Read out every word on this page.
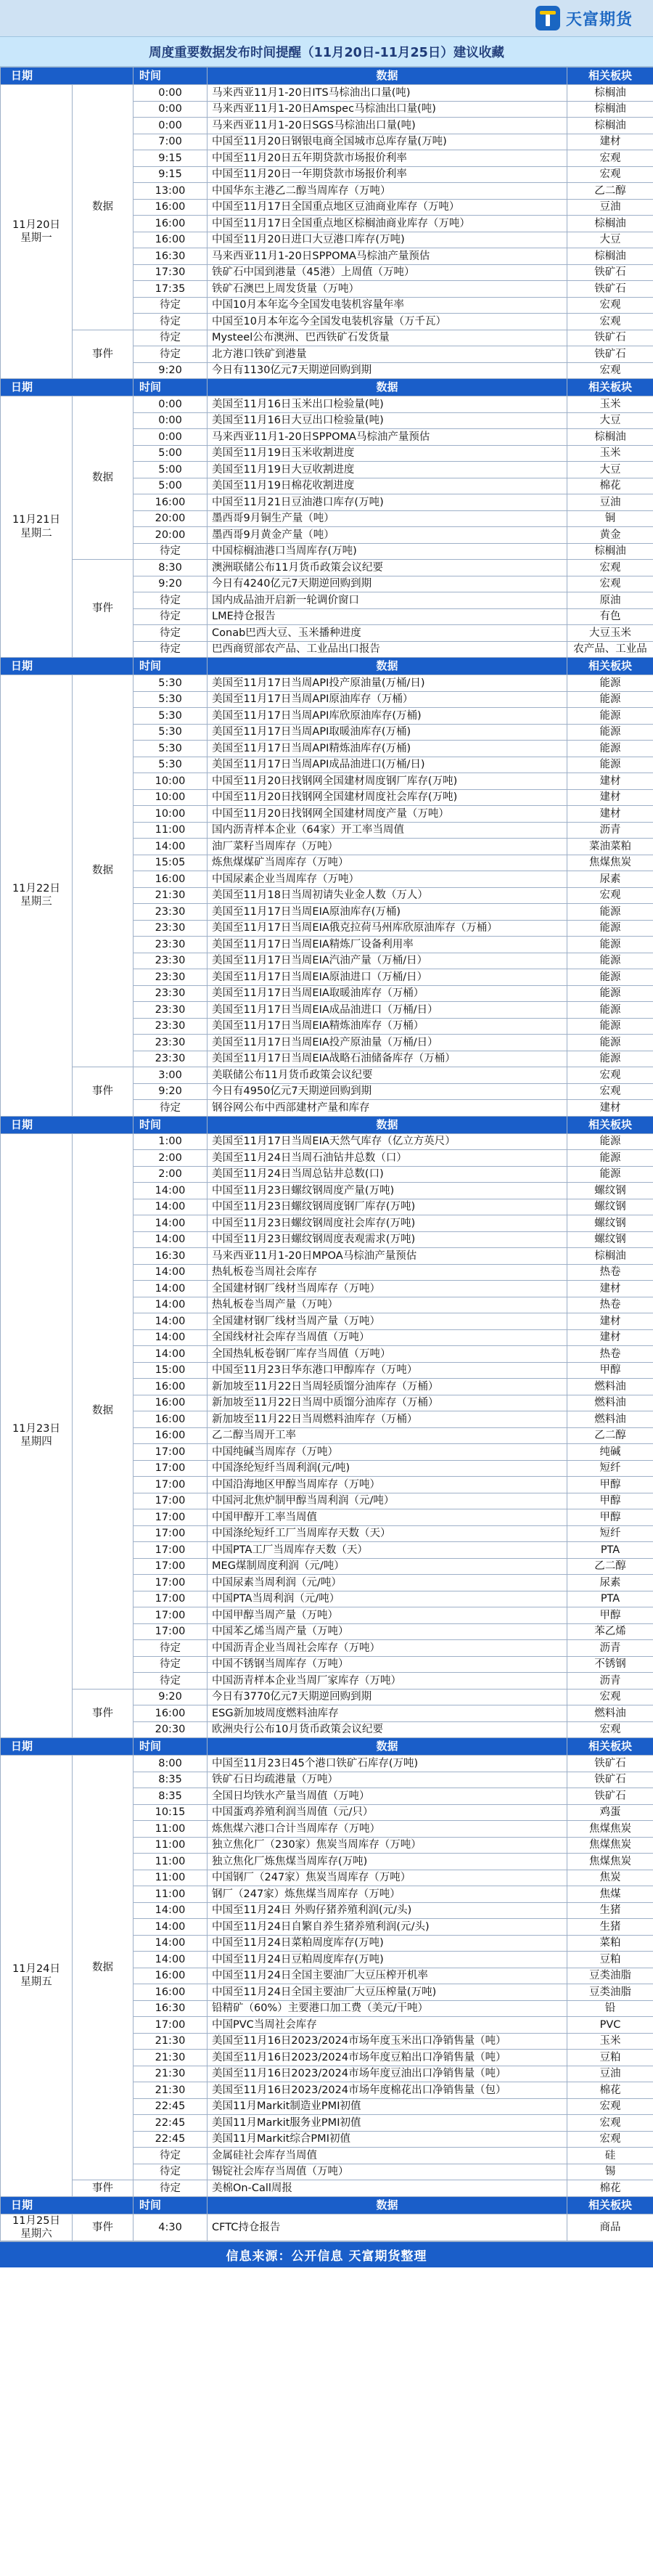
天富期货
周度重要数据发布时间提醒（11月20日-11月25日）建议收藏
日期		时间	数据	相关板块

11月20日
星期一	数据	0:00	马来西亚11月1-20日ITS马棕油出口量(吨)	棕榈油
		0:00	马来西亚11月1-20日Amspec马棕油出口量(吨)	棕榈油
		0:00	马来西亚11月1-20日SGS马棕油出口量(吨)	棕榈油
		7:00	中国至11月20日钢银电商全国城市总库存量(万吨)	建材
		9:15	中国至11月20日五年期贷款市场报价利率	宏观
		9:15	中国至11月20日一年期贷款市场报价利率	宏观
		13:00	中国华东主港乙二醇当周库存（万吨）	乙二醇
		16:00	中国至11月17日全国重点地区豆油商业库存（万吨）	豆油
		16:00	中国至11月17日全国重点地区棕榈油商业库存（万吨）	棕榈油
		16:00	中国至11月20日进口大豆港口库存(万吨)	大豆
		16:30	马来西亚11月1-20日SPPOMA马棕油产量预估	棕榈油
		17:30	铁矿石中国到港量（45港）上周值（万吨）	铁矿石
		17:35	铁矿石澳巴上周发货量（万吨）	铁矿石
		待定	中国10月本年迄今全国发电装机容量年率	宏观
		待定	中国至10月本年迄今全国发电装机容量（万千瓦）	宏观
	事件	待定	Mysteel公布澳洲、巴西铁矿石发货量	铁矿石
		待定	北方港口铁矿到港量	铁矿石
		9:20	今日有1130亿元7天期逆回购到期	宏观
日期		时间	数据	相关板块

11月21日
星期二	数据	0:00	美国至11月16日玉米出口检验量(吨)	玉米
		0:00	美国至11月16日大豆出口检验量(吨)	大豆
		0:00	马来西亚11月1-20日SPPOMA马棕油产量预估	棕榈油
		5:00	美国至11月19日玉米收割进度	玉米
		5:00	美国至11月19日大豆收割进度	大豆
		5:00	美国至11月19日棉花收割进度	棉花
		16:00	中国至11月21日豆油港口库存(万吨)	豆油
		20:00	墨西哥9月铜生产量（吨）	铜
		20:00	墨西哥9月黄金产量（吨）	黄金
		待定	中国棕榈油港口当周库存(万吨)	棕榈油
	事件	8:30	澳洲联储公布11月货币政策会议纪要	宏观
		9:20	今日有4240亿元7天期逆回购到期	宏观
		待定	国内成品油开启新一轮调价窗口	原油
		待定	LME持仓报告	有色
		待定	Conab巴西大豆、玉米播种进度	大豆玉米
		待定	巴西商贸部农产品、工业品出口报告	农产品、工业品
日期		时间	数据	相关板块

11月22日
星期三	数据	5:30	美国至11月17日当周API投产原油量(万桶/日)	能源
		5:30	美国至11月17日当周API原油库存（万桶）	能源
		5:30	美国至11月17日当周API库欣原油库存(万桶)	能源
		5:30	美国至11月17日当周API取暖油库存(万桶)	能源
		5:30	美国至11月17日当周API精炼油库存(万桶)	能源
		5:30	美国至11月17日当周API成品油进口(万桶/日)	能源
		10:00	中国至11月20日找钢网全国建材周度钢厂库存(万吨)	建材
		10:00	中国至11月20日找钢网全国建材周度社会库存(万吨)	建材
		10:00	中国至11月20日找钢网全国建材周度产量（万吨）	建材
		11:00	国内沥青样本企业（64家）开工率当周值	沥青
		14:00	油厂菜籽当周库存（万吨）	菜油菜粕
		15:05	炼焦煤煤矿当周库存（万吨）	焦煤焦炭
		16:00	中国尿素企业当周库存（万吨）	尿素
		21:30	美国至11月18日当周初请失业金人数（万人）	宏观
		23:30	美国至11月17日当周EIA原油库存(万桶)	能源
		23:30	美国至11月17日当周EIA俄克拉荷马州库欣原油库存（万桶）	能源
		23:30	美国至11月17日当周EIA精炼厂设备利用率	能源
		23:30	美国至11月17日当周EIA汽油产量（万桶/日）	能源
		23:30	美国至11月17日当周EIA原油进口（万桶/日）	能源
		23:30	美国至11月17日当周EIA取暖油库存（万桶）	能源
		23:30	美国至11月17日当周EIA成品油进口（万桶/日）	能源
		23:30	美国至11月17日当周EIA精炼油库存（万桶）	能源
		23:30	美国至11月17日当周EIA投产原油量（万桶/日）	能源
		23:30	美国至11月17日当周EIA战略石油储备库存（万桶）	能源
	事件	3:00	美联储公布11月货币政策会议纪要	宏观
		9:20	今日有4950亿元7天期逆回购到期	宏观
		待定	钢谷网公布中西部建材产量和库存	建材
日期		时间	数据	相关板块

11月23日
星期四	数据	1:00	美国至11月17日当周EIA天然气库存（亿立方英尺）	能源
		2:00	美国至11月24日当周石油钻井总数（口）	能源
		2:00	美国至11月24日当周总钻井总数(口)	能源
		14:00	中国至11月23日螺纹钢周度产量(万吨)	螺纹钢
		14:00	中国至11月23日螺纹钢周度钢厂库存(万吨)	螺纹钢
		14:00	中国至11月23日螺纹钢周度社会库存(万吨)	螺纹钢
		14:00	中国至11月23日螺纹钢周度表观需求(万吨)	螺纹钢
		16:30	马来西亚11月1-20日MPOA马棕油产量预估	棕榈油
		14:00	热轧板卷当周社会库存	热卷
		14:00	全国建材钢厂线材当周库存（万吨）	建材
		14:00	热轧板卷当周产量（万吨）	热卷
		14:00	全国建材钢厂线材当周产量（万吨）	建材
		14:00	全国线材社会库存当周值（万吨）	建材
		14:00	全国热轧板卷钢厂库存当周值（万吨）	热卷
		15:00	中国至11月23日华东港口甲醇库存（万吨）	甲醇
		16:00	新加坡至11月22日当周轻质馏分油库存（万桶）	燃料油
		16:00	新加坡至11月22日当周中质馏分油库存（万桶）	燃料油
		16:00	新加坡至11月22日当周燃料油库存（万桶）	燃料油
		16:00	乙二醇当周开工率	乙二醇
		17:00	中国纯碱当周库存（万吨）	纯碱
		17:00	中国涤纶短纤当周利润(元/吨)	短纤
		17:00	中国沿海地区甲醇当周库存（万吨）	甲醇
		17:00	中国河北焦炉制甲醇当周利润（元/吨）	甲醇
		17:00	中国甲醇开工率当周值	甲醇
		17:00	中国涤纶短纤工厂当周库存天数（天）	短纤
		17:00	中国PTA工厂当周库存天数（天）	PTA
		17:00	MEG煤制周度利润（元/吨）	乙二醇
		17:00	中国尿素当周利润（元/吨）	尿素
		17:00	中国PTA当周利润（元/吨）	PTA
		17:00	中国甲醇当周产量（万吨）	甲醇
		17:00	中国苯乙烯当周产量（万吨）	苯乙烯
		待定	中国沥青企业当周社会库存（万吨）	沥青
		待定	中国不锈钢当周库存（万吨）	不锈钢
		待定	中国沥青样本企业当周厂家库存（万吨）	沥青
	事件	9:20	今日有3770亿元7天期逆回购到期	宏观
		16:00	ESG新加坡周度燃料油库存	燃料油
		20:30	欧洲央行公布10月货币政策会议纪要	宏观
日期		时间	数据	相关板块

11月24日
星期五	数据	8:00	中国至11月23日45个港口铁矿石库存(万吨)	铁矿石
		8:35	铁矿石日均疏港量（万吨）	铁矿石
		8:35	全国日均铁水产量当周值（万吨）	铁矿石
		10:15	中国蛋鸡养殖利润当周值（元/只）	鸡蛋
		11:00	炼焦煤六港口合计当周库存（万吨）	焦煤焦炭
		11:00	独立焦化厂（230家）焦炭当周库存（万吨）	焦煤焦炭
		11:00	独立焦化厂炼焦煤当周库存(万吨)	焦煤焦炭
		11:00	中国钢厂（247家）焦炭当周库存（万吨）	焦炭
		11:00	钢厂（247家）炼焦煤当周库存（万吨）	焦煤
		14:00	中国至11月24日 外购仔猪养殖利润(元/头)	生猪
		14:00	中国至11月24日自繁自养生猪养殖利润(元/头)	生猪
		14:00	中国至11月24日菜粕周度库存(万吨)	菜粕
		14:00	中国至11月24日豆粕周度库存(万吨)	豆粕
		16:00	中国至11月24日全国主要油厂大豆压榨开机率	豆类油脂
		16:00	中国至11月24日全国主要油厂大豆压榨量(万吨)	豆类油脂
		16:30	铅精矿（60%）主要港口加工费（美元/干吨）	铅
		17:00	中国PVC当周社会库存	PVC
		21:30	美国至11月16日2023/2024市场年度玉米出口净销售量（吨）	玉米
		21:30	美国至11月16日2023/2024市场年度豆粕出口净销售量（吨）	豆粕
		21:30	美国至11月16日2023/2024市场年度豆油出口净销售量（吨）	豆油
		21:30	美国至11月16日2023/2024市场年度棉花出口净销售量（包）	棉花
		22:45	美国11月Markit制造业PMI初值	宏观
		22:45	美国11月Markit服务业PMI初值	宏观
		22:45	美国11月Markit综合PMI初值	宏观
		待定	金属硅社会库存当周值	硅
		待定	锡锭社会库存当周值（万吨）	锡
	事件	待定	美棉On-Call周报	棉花
日期		时间	数据	相关板块

11月25日
星期六	事件	4:30	CFTC持仓报告	商品
信息来源：公开信息 天富期货整理
